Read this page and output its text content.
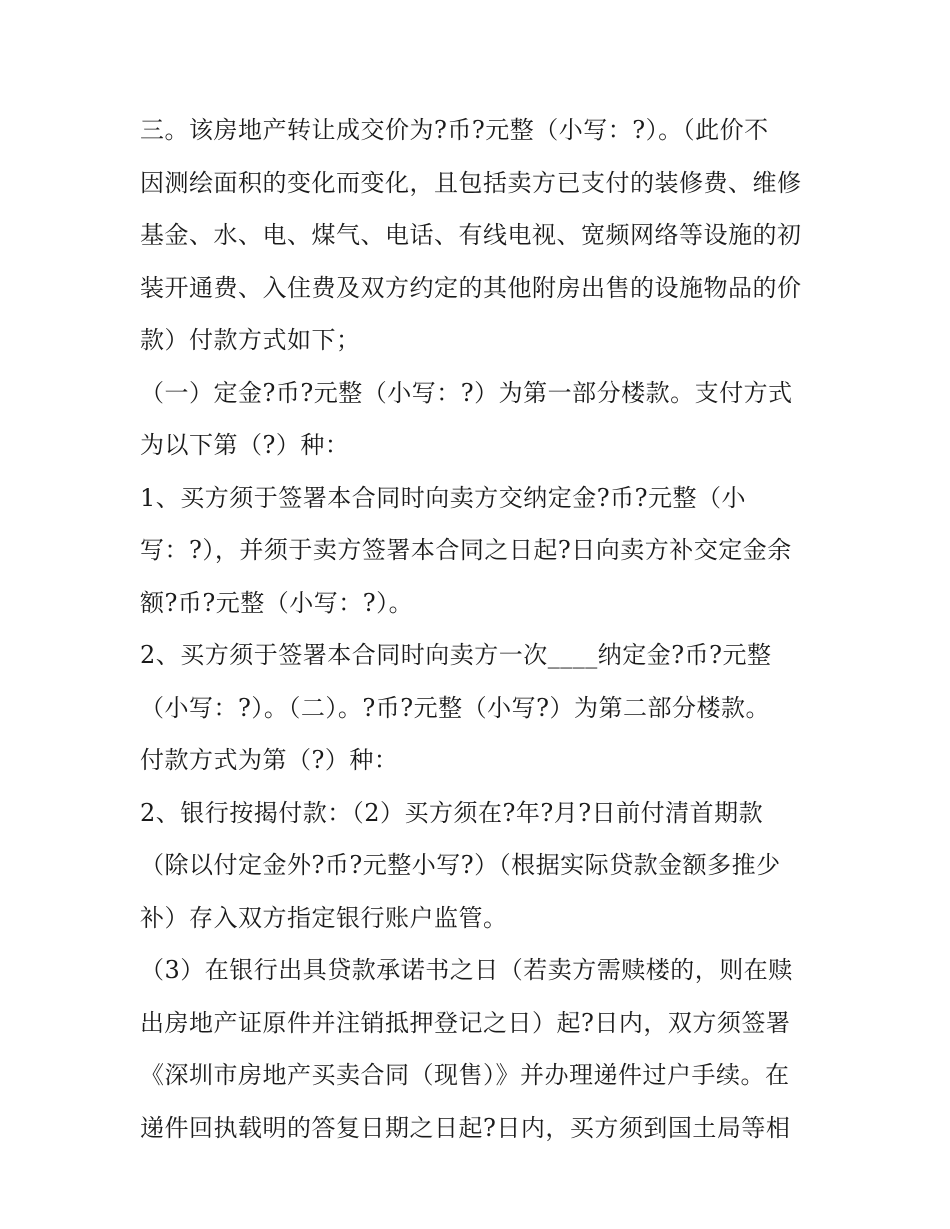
三。该房地产转让成交价为?币?元整（小写：?）。（此价不
因测绘面积的变化而变化，且包括卖方已支付的装修费、维修
基金、水、电、煤气、电话、有线电视、宽频网络等设施的初
装开通费、入住费及双方约定的其他附房出售的设施物品的价
款）付款方式如下；
（一）定金?币?元整（小写：?）为第一部分楼款。支付方式
为以下第（?）种：
1、买方须于签署本合同时向卖方交纳定金?币?元整（小
写：?），并须于卖方签署本合同之日起?日向卖方补交定金余
额?币?元整（小写：?）。
2、买方须于签署本合同时向卖方一次____纳定金?币?元整
（小写：?）。（二）。?币?元整（小写?）为第二部分楼款。
付款方式为第（?）种：
2、银行按揭付款：（2）买方须在?年?月?日前付清首期款
（除以付定金外?币?元整小写?）（根据实际贷款金额多推少
补）存入双方指定银行账户监管。
（3）在银行出具贷款承诺书之日（若卖方需赎楼的，则在赎
出房地产证原件并注销抵押登记之日）起?日内，双方须签署
《深圳市房地产买卖合同（现售）》并办理递件过户手续。在
递件回执载明的答复日期之日起?日内，买方须到国土局等相
